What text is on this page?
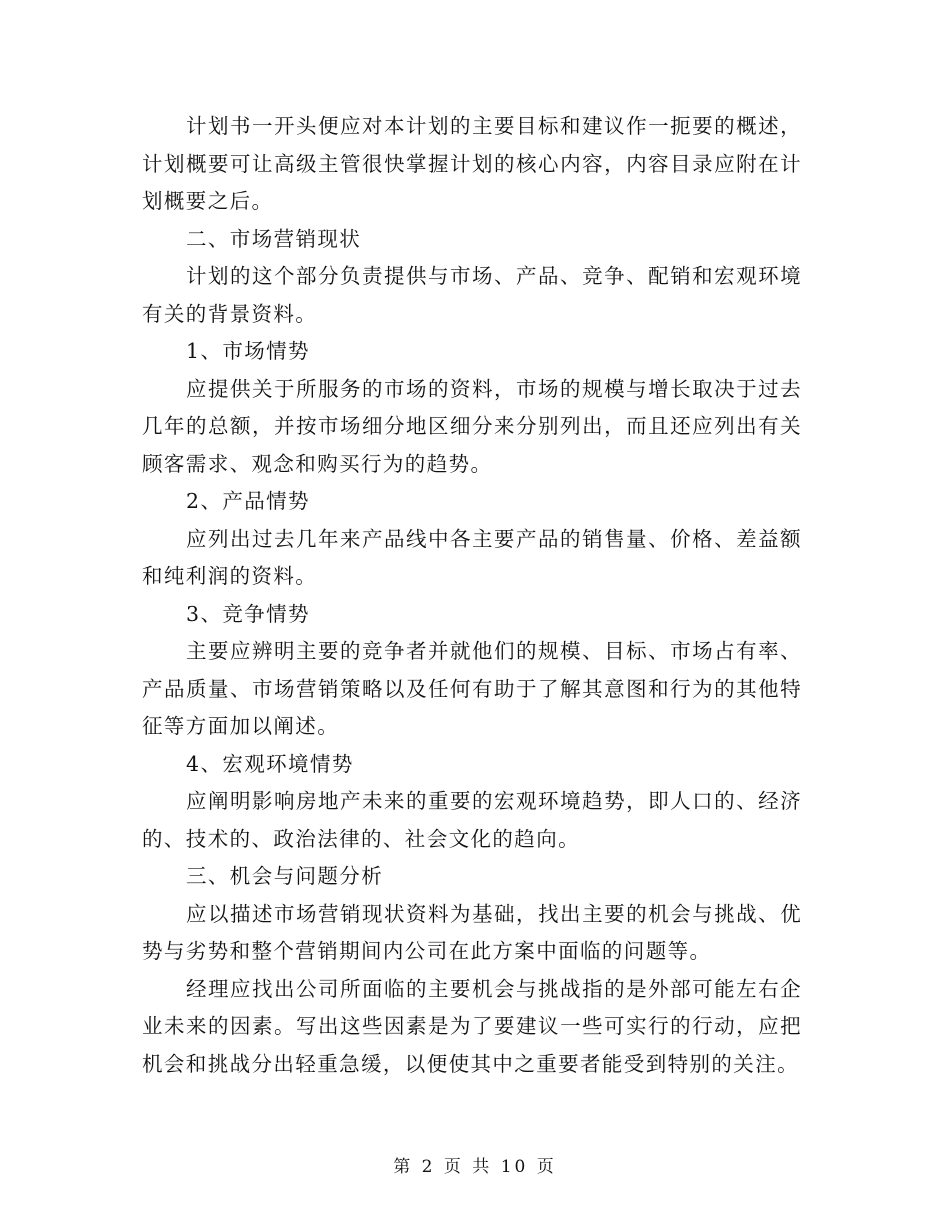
计划书一开头便应对本计划的主要目标和建议作一扼要的概述，计划概要可让高级主管很快掌握计划的核心内容，内容目录应附在计划概要之后。

二、市场营销现状

计划的这个部分负责提供与市场、产品、竞争、配销和宏观环境有关的背景资料。

1、市场情势

应提供关于所服务的市场的资料，市场的规模与增长取决于过去几年的总额，并按市场细分地区细分来分别列出，而且还应列出有关顾客需求、观念和购买行为的趋势。

2、产品情势

应列出过去几年来产品线中各主要产品的销售量、价格、差益额和纯利润的资料。

3、竞争情势

主要应辨明主要的竞争者并就他们的规模、目标、市场占有率、产品质量、市场营销策略以及任何有助于了解其意图和行为的其他特征等方面加以阐述。

4、宏观环境情势

应阐明影响房地产未来的重要的宏观环境趋势，即人口的、经济的、技术的、政治法律的、社会文化的趋向。

三、机会与问题分析

应以描述市场营销现状资料为基础，找出主要的机会与挑战、优势与劣势和整个营销期间内公司在此方案中面临的问题等。

经理应找出公司所面临的主要机会与挑战指的是外部可能左右企业未来的因素。写出这些因素是为了要建议一些可实行的行动，应把机会和挑战分出轻重急缓，以便使其中之重要者能受到特别的关注。

第 2 页 共 10 页
